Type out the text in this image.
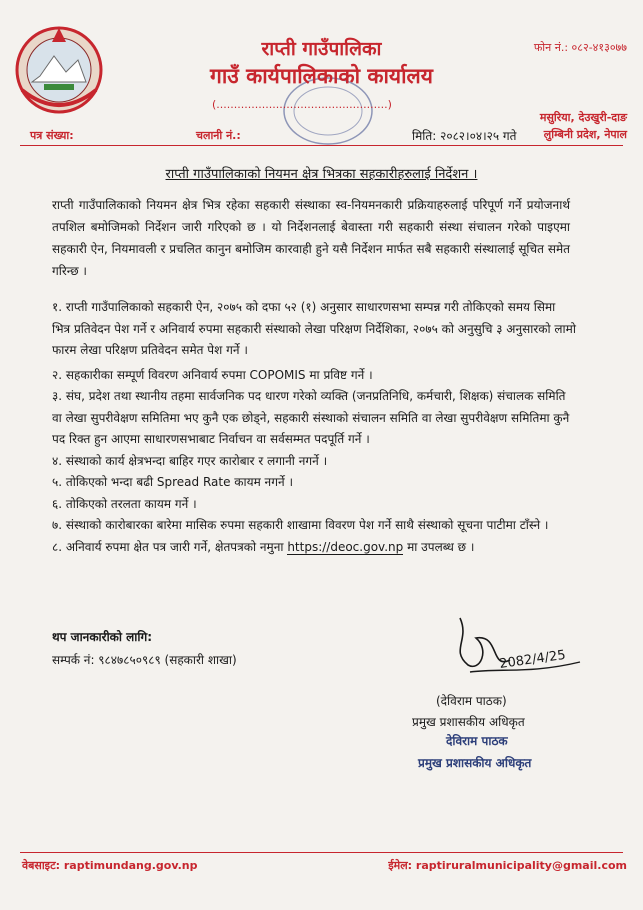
राप्ती गाउँपालिका
गाउँ कार्यपालिकाको कार्यालय
(.................................................)
फोन नं.: ०८२-४१३०७७
मसुरिया, देउखुरी-दाङ
लुम्बिनी प्रदेश, नेपाल
पत्र संख्या:	चलानी नं.:	मिति: २०८२।०४।२५ गते
राप्ती गाउँपालिकाको नियमन क्षेत्र भित्रका सहकारीहरुलाई निर्देशन ।
राप्ती गाउँपालिकाको नियमन क्षेत्र भित्र रहेका सहकारी संस्थाका स्व-नियमनकारी प्रक्रियाहरुलाई परिपूर्ण गर्ने प्रयोजनार्थ तपशिल बमोजिमको निर्देशन जारी गरिएको छ । यो निर्देशनलाई बेवास्ता गरी सहकारी संस्था संचालन गरेको पाइएमा सहकारी ऐन, नियमावली र प्रचलित कानुन बमोजिम कारवाही हुने यसै निर्देशन मार्फत सबै सहकारी संस्थालाई सूचित समेत गरिन्छ ।
१. राप्ती गाउँपालिकाको सहकारी ऐन, २०७५ को दफा ५२ (१) अनुसार साधारणसभा सम्पन्न गरी तोकिएको समय सिमा भित्र प्रतिवेदन पेश गर्ने र अनिवार्य रुपमा सहकारी संस्थाको लेखा परिक्षण निर्देशिका, २०७५ को अनुसुचि ३ अनुसारको लामो फारम लेखा परिक्षण प्रतिवेदन समेत पेश गर्ने ।
२. सहकारीका सम्पूर्ण विवरण अनिवार्य रुपमा COPOMIS मा प्रविष्ट गर्ने ।
३. संघ, प्रदेश तथा स्थानीय तहमा सार्वजनिक पद धारण गरेको व्यक्ति (जनप्रतिनिधि, कर्मचारी, शिक्षक) संचालक समिति वा लेखा सुपरीवेक्षण समितिमा भए कुनै एक छोड्ने, सहकारी संस्थाको संचालन समिति वा लेखा सुपरीवेक्षण समितिमा कुनै पद रिक्त हुन आएमा साधारणसभाबाट निर्वाचन वा सर्वसम्मत पदपूर्ति गर्ने ।
४. संस्थाको कार्य क्षेत्रभन्दा बाहिर गएर कारोबार र लगानी नगर्ने ।
५. तोकिएको भन्दा बढी Spread Rate कायम नगर्ने ।
६. तोकिएको तरलता कायम गर्ने ।
७. संस्थाको कारोबारका बारेमा मासिक रुपमा सहकारी शाखामा विवरण पेश गर्ने साथै संस्थाको सूचना पाटीमा टाँस्ने ।
८. अनिवार्य रुपमा क्षेत पत्र जारी गर्ने, क्षेतपत्रको नमुना https://deoc.gov.np मा उपलब्ध छ ।
थप जानकारीको लागि:
सम्पर्क नं: ९८४७८५०९८९ (सहकारी शाखा)	2082/4/25
(देविराम पाठक)
प्रमुख प्रशासकीय अधिकृत
देविराम पाठक
प्रमुख प्रशासकीय अधिकृत
वेबसाइट: raptimundang.gov.np	ईमेल: raptiruralmunicipality@gmail.com
